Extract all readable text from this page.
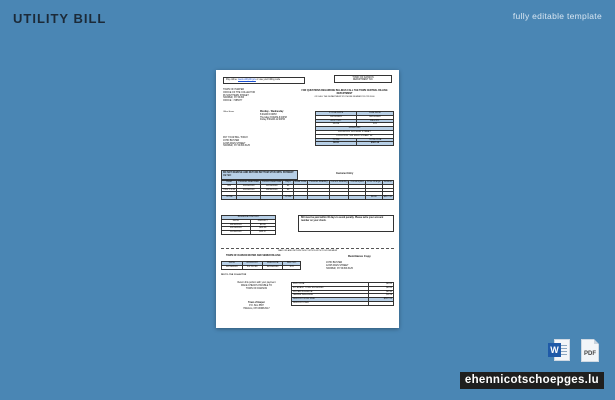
UTILITY BILL	fully editable template
Pay online: www.utilitybill.gov or use your billing code
TOWN OF DANSON
DEPARTMENT NO.
TOWN OF HARPER
OFFICE OF THE COLLECTOR
96 SOUTHERN STREET
HARPER, NY 53453
OFFICE : 7485677
FOR QUESTIONS REGARDING BILLINGS CALL THE TOWN CENTRAL BILLING DEPARTMENT
OR CALL THE DEPARTMENT BY PHONE NUMBER 555 789 5000
Office Hours	Monday - Wednesday
8:00AM-5:00PM
Thursday 8:00AM-6:00PM
Friday 8:00AM-12:00PM
CYCLE DATE	DUE DATE
12/31/2019	02/01/2020
ACCT NO.	BILL NO.
56789	678
LOCATION	
LOCATION: 123 MAIN STREET	
LOCATION: 123 MAIN STREET 12	
TOTAL	TOTAL DUE
$0.00	$597.16
PAY YOUR BILL TODAY
JOHN BUSTER
12345 MAIN STREET
HARPER, NY 53453-5125
DO NOT REMOVE AND RETURN BOTTOM STUB WITH PAYMENT
METER:
Customer Entry
Read	Previous Read Date	Current Read Date	Days	Read Code	Previous Reading	Current Reading	Consumption	Price Charge	Amount
020	10/01/2019	12/31/2019	91						
HSG 5-2-22	10/01/2019	09/30/2019	90						

TOTAL			TOTAL					$0.00	$597.16
BALANCE HISTORY	
DATE	AMOUNT
09/30/2019	$0.00
10/31/2019	$24.88
11/30/2019	$38.57
Bill must be paid within 30 days to avoid penalty. Please write your account number on your check.
TEAR OFF AND RETURN THIS PORTION WITH YOUR PAYMENT
TOWN OF DANSON WATER AND SEWER BILLING	Remittance Copy
DATE	ACCOUNT	DUE DATE	BILL NO.
12/31/2019	8-2 56789	02/01/2020	678
JOHN BUSTER
12345 MAIN STREET
HARPER, NY 53453-5125
PAY TO: THE COLLECTOR
Return this portion with your payment
MAKE CHECKS PAYABLE TO
TOWN OF DANSON
Town of Harper
P.O. Box 8587
Hillsboro, NH 03088-8117
PAST DUE	$0.00
INTEREST THRU 01/31/2020	$0.00
WATER BALANCE	$2.90
SEWER BALANCE	$1.59
AMOUNT NOW DUE	$597.16
AMOUNT PAID	
W	PDF
ehennicotschoepges.lu
